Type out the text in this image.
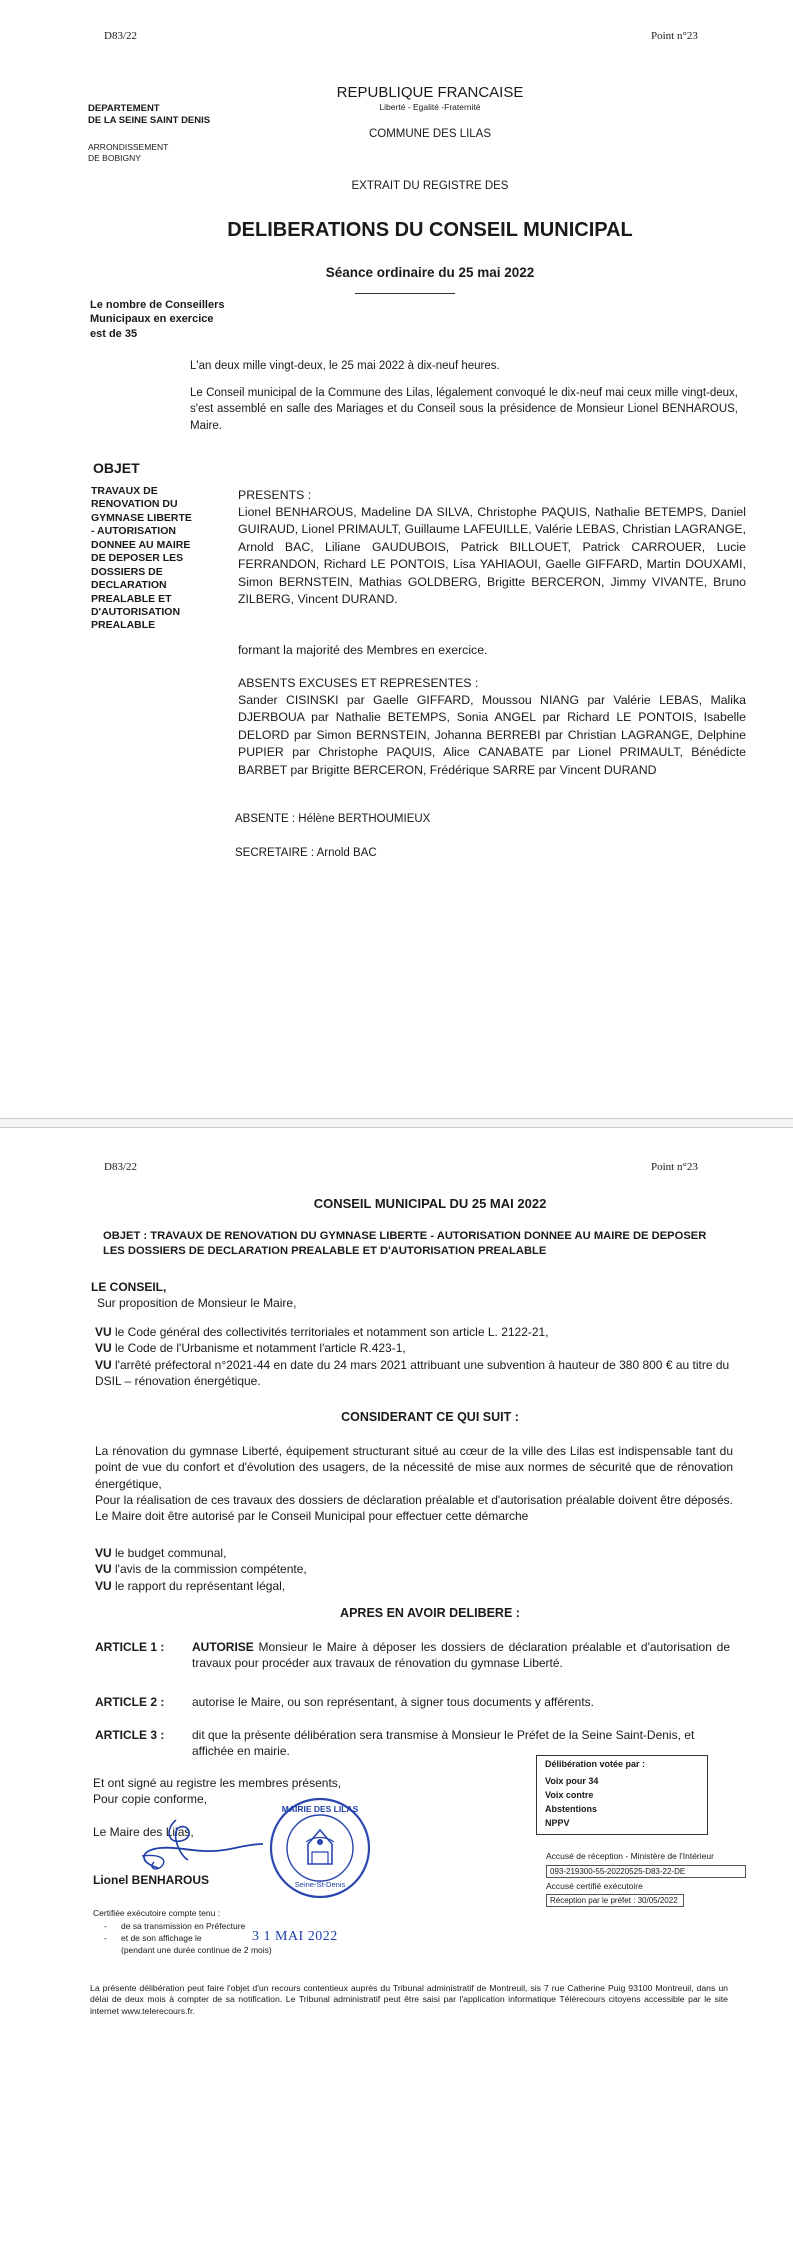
D83/22	Point n°23
DEPARTEMENT
DE LA SEINE SAINT DENIS
ARRONDISSEMENT
DE BOBIGNY
REPUBLIQUE FRANCAISE
Liberté - Egalité -Fraternité
COMMUNE DES LILAS
EXTRAIT DU REGISTRE DES
DELIBERATIONS DU CONSEIL MUNICIPAL
Séance ordinaire du 25 mai 2022
Le nombre de Conseillers
Municipaux en exercice
est de 35
L'an deux mille vingt-deux, le 25 mai 2022 à dix-neuf heures.
Le Conseil municipal de la Commune des Lilas, légalement convoqué le dix-neuf mai ceux mille vingt-deux, s'est assemblé en salle des Mariages et du Conseil sous la présidence de Monsieur Lionel BENHAROUS, Maire.
OBJET
TRAVAUX DE
RENOVATION DU
GYMNASE LIBERTE
- AUTORISATION
DONNEE AU MAIRE
DE DEPOSER LES
DOSSIERS DE
DECLARATION
PREALABLE ET
D'AUTORISATION
PREALABLE
PRESENTS :
Lionel BENHAROUS, Madeline DA SILVA, Christophe PAQUIS, Nathalie BETEMPS, Daniel GUIRAUD, Lionel PRIMAULT, Guillaume LAFEUILLE, Valérie LEBAS, Christian LAGRANGE, Arnold BAC, Liliane GAUDUBOIS, Patrick BILLOUET, Patrick CARROUER, Lucie FERRANDON, Richard LE PONTOIS, Lisa YAHIAOUI, Gaelle GIFFARD, Martin DOUXAMI, Simon BERNSTEIN, Mathias GOLDBERG, Brigitte BERCERON, Jimmy VIVANTE, Bruno ZILBERG, Vincent DURAND.
formant la majorité des Membres en exercice.
ABSENTS EXCUSES ET REPRESENTES :
Sander CISINSKI par Gaelle GIFFARD, Moussou NIANG par Valérie LEBAS, Malika DJERBOUA par Nathalie BETEMPS, Sonia ANGEL par Richard LE PONTOIS, Isabelle DELORD par Simon BERNSTEIN, Johanna BERREBI par Christian LAGRANGE, Delphine PUPIER par Christophe PAQUIS, Alice CANABATE par Lionel PRIMAULT, Bénédicte BARBET par Brigitte BERCERON, Frédérique SARRE par Vincent DURAND
ABSENTE : Hélène BERTHOUMIEUX
SECRETAIRE : Arnold BAC
D83/22	Point n°23
CONSEIL MUNICIPAL DU 25 MAI 2022
OBJET : TRAVAUX DE RENOVATION DU GYMNASE LIBERTE - AUTORISATION DONNEE AU MAIRE DE DEPOSER LES DOSSIERS DE DECLARATION PREALABLE ET D'AUTORISATION PREALABLE
LE CONSEIL,
Sur proposition de Monsieur le Maire,
VU le Code général des collectivités territoriales et notamment son article L. 2122-21,
VU le Code de l'Urbanisme et notamment l'article R.423-1,
VU l'arrêté préfectoral n°2021-44 en date du 24 mars 2021 attribuant une subvention à hauteur de 380 800 € au titre du DSIL – rénovation énergétique.
CONSIDERANT CE QUI SUIT :
La rénovation du gymnase Liberté, équipement structurant situé au cœur de la ville des Lilas est indispensable tant du point de vue du confort et d'évolution des usagers, de la nécessité de mise aux normes de sécurité que de rénovation énergétique,
Pour la réalisation de ces travaux des dossiers de déclaration préalable et d'autorisation préalable doivent être déposés.
Le Maire doit être autorisé par le Conseil Municipal pour effectuer cette démarche
VU le budget communal,
VU l'avis de la commission compétente,
VU le rapport du représentant légal,
APRES EN AVOIR DELIBERE :
ARTICLE 1 : AUTORISE Monsieur le Maire à déposer les dossiers de déclaration préalable et d'autorisation de travaux pour procéder aux travaux de rénovation du gymnase Liberté.
ARTICLE 2 : autorise le Maire, ou son représentant, à signer tous documents y afférents.
ARTICLE 3 : dit que la présente délibération sera transmise à Monsieur le Préfet de la Seine Saint-Denis, et affichée en mairie.
Et ont signé au registre les membres présents,
Pour copie conforme,
Le Maire des Lilas,
Lionel BENHAROUS
MAIRIE DES LILAS
Seine-St-Denis
Délibération votée par :
Voix pour 34
Voix contre
Abstentions
NPPV
Accusé de réception - Ministère de l'Intérieur
093-219300-55-20220525-D83-22-DE
Accusé certifié exécutoire
Réception par le préfet : 30/05/2022
Certifiée exécutoire compte tenu :
-      de sa transmission en Préfecture
-      et de son affichage le	3 1 MAI 2022
(pendant une durée continue de 2 mois)
La présente délibération peut faire l'objet d'un recours contentieux auprès du Tribunal administratif de Montreuil, sis 7 rue Catherine Puig 93100 Montreuil, dans un délai de deux mois à compter de sa notification. Le Tribunal administratif peut être saisi par l'application informatique Télérecours citoyens accessible par le site internet www.telerecours.fr.
